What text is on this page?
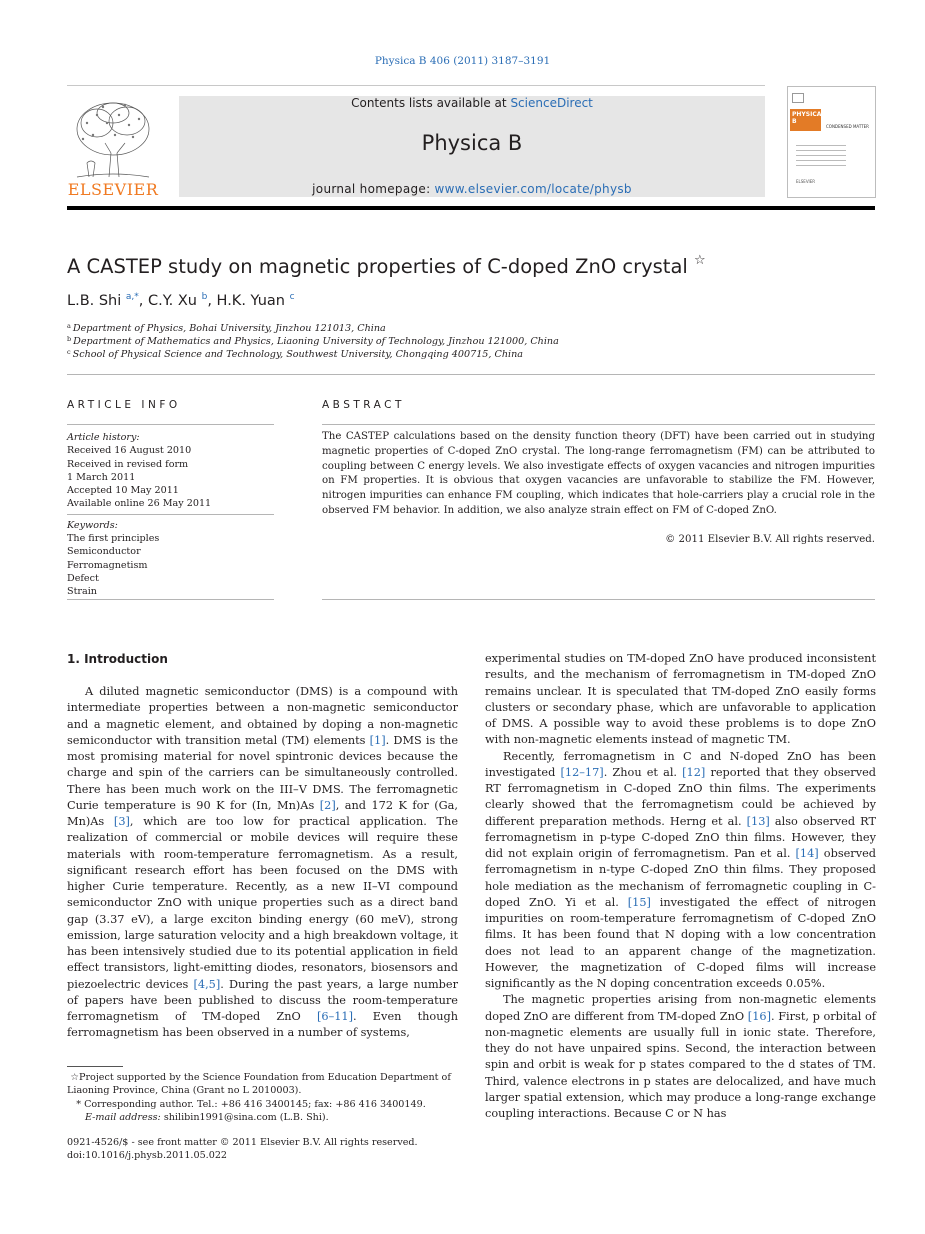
Physica B 406 (2011) 3187–3191
ELSEVIER
Contents lists available at ScienceDirect
Physica B
journal homepage: www.elsevier.com/locate/physb
PHYSICA B
CONDENSED MATTER
ELSEVIER
A CASTEP study on magnetic properties of C-doped ZnO crystal ☆
L.B. Shi $^{a,*}$, C.Y. Xu $^b$, H.K. Yuan $^c$
$^a$ Department of Physics, Bohai University, Jinzhou 121013, China
$^b$ Department of Mathematics and Physics, Liaoning University of Technology, Jinzhou 121000, China
$^c$ School of Physical Science and Technology, Southwest University, Chongqing 400715, China
ARTICLE INFO
Article history:
Received 16 August 2010
Received in revised form
1 March 2011
Accepted 10 May 2011
Available online 26 May 2011
Keywords:
The first principles
Semiconductor
Ferromagnetism
Defect
Strain
ABSTRACT
The CASTEP calculations based on the density function theory (DFT) have been carried out in studying magnetic properties of C-doped ZnO crystal. The long-range ferromagnetism (FM) can be attributed to coupling between C energy levels. We also investigate effects of oxygen vacancies and nitrogen impurities on FM properties. It is obvious that oxygen vacancies are unfavorable to stabilize the FM. However, nitrogen impurities can enhance FM coupling, which indicates that hole-carriers play a crucial role in the observed FM behavior. In addition, we also analyze strain effect on FM of C-doped ZnO.
© 2011 Elsevier B.V. All rights reserved.
1. Introduction

A diluted magnetic semiconductor (DMS) is a compound with intermediate properties between a non-magnetic semiconductor and a magnetic element, and obtained by doping a non-magnetic semiconductor with transition metal (TM) elements [1]. DMS is the most promising material for novel spintronic devices because the charge and spin of the carriers can be simultaneously controlled. There has been much work on the III–V DMS. The ferromagnetic Curie temperature is 90 K for (In, Mn)As [2], and 172 K for (Ga, Mn)As [3], which are too low for practical application. The realization of commercial or mobile devices will require these materials with room-temperature ferromagnetism. As a result, significant research effort has been focused on the DMS with higher Curie temperature. Recently, as a new II–VI compound semiconductor ZnO with unique properties such as a direct band gap (3.37 eV), a large exciton binding energy (60 meV), strong emission, large saturation velocity and a high breakdown voltage, it has been intensively studied due to its potential application in field effect transistors, light-emitting diodes, resonators, biosensors and piezoelectric devices [4,5]. During the past years, a large number of papers have been published to discuss the room-temperature ferromagnetism of TM-doped ZnO [6–11]. Even though ferromagnetism has been observed in a number of systems,

experimental studies on TM-doped ZnO have produced inconsistent results, and the mechanism of ferromagnetism in TM-doped ZnO remains unclear. It is speculated that TM-doped ZnO easily forms clusters or secondary phase, which are unfavorable to application of DMS. A possible way to avoid these problems is to dope ZnO with non-magnetic elements instead of magnetic TM.

Recently, ferromagnetism in C and N-doped ZnO has been investigated [12–17]. Zhou et al. [12] reported that they observed RT ferromagnetism in C-doped ZnO thin films. The experiments clearly showed that the ferromagnetism could be achieved by different preparation methods. Herng et al. [13] also observed RT ferromagnetism in p-type C-doped ZnO thin films. However, they did not explain origin of ferromagnetism. Pan et al. [14] observed ferromagnetism in n-type C-doped ZnO thin films. They proposed hole mediation as the mechanism of ferromagnetic coupling in C-doped ZnO. Yi et al. [15] investigated the effect of nitrogen impurities on room-temperature ferromagnetism of C-doped ZnO films. It has been found that N doping with a low concentration does not lead to an apparent change of the magnetization. However, the magnetization of C-doped films will increase significantly as the N doping concentration exceeds 0.05%.

The magnetic properties arising from non-magnetic elements doped ZnO are different from TM-doped ZnO [16]. First, p orbital of non-magnetic elements are usually full in ionic state. Therefore, they do not have unpaired spins. Second, the interaction between spin and orbit is weak for p states compared to the d states of TM. Third, valence electrons in p states are delocalized, and have much larger spatial extension, which may produce a long-range exchange coupling interactions. Because C or N has

☆Project supported by the Science Foundation from Education Department of Liaoning Province, China (Grant no L 2010003).
* Corresponding author. Tel.: +86 416 3400145; fax: +86 416 3400149.
E-mail address: shilibin1991@sina.com (L.B. Shi).
0921-4526/$ - see front matter © 2011 Elsevier B.V. All rights reserved.
doi:10.1016/j.physb.2011.05.022
